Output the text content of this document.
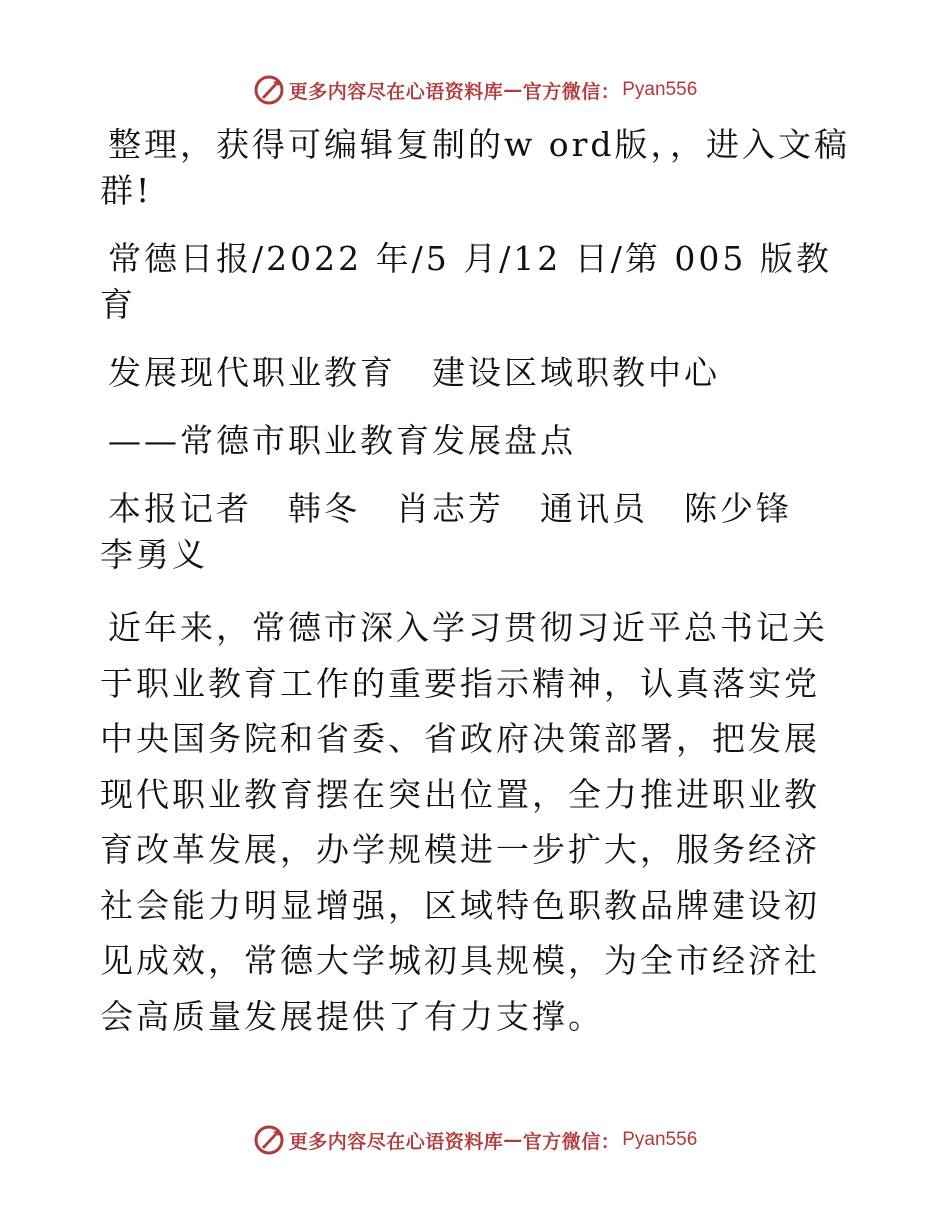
更多内容尽在心语资料库 — 官方微信： Pyan556

整理，获得可编辑复制的w ord版，，进入文稿群!

常德日报/2022 年/5 月/12 日/第 005 版教育

发展现代职业教育　建设区域职教中心

——常德市职业教育发展盘点

本报记者　韩冬　肖志芳　通讯员　陈少锋　李勇义

近年来，常德市深入学习贯彻习近平总书记关于职业教育工作的重要指示精神，认真落实党中央国务院和省委、省政府决策部署，把发展现代职业教育摆在突出位置，全力推进职业教育改革发展，办学规模进一步扩大，服务经济社会能力明显增强，区域特色职教品牌建设初见成效，常德大学城初具规模，为全市经济社会高质量发展提供了有力支撑。

更多内容尽在心语资料库 — 官方微信： Pyan556
